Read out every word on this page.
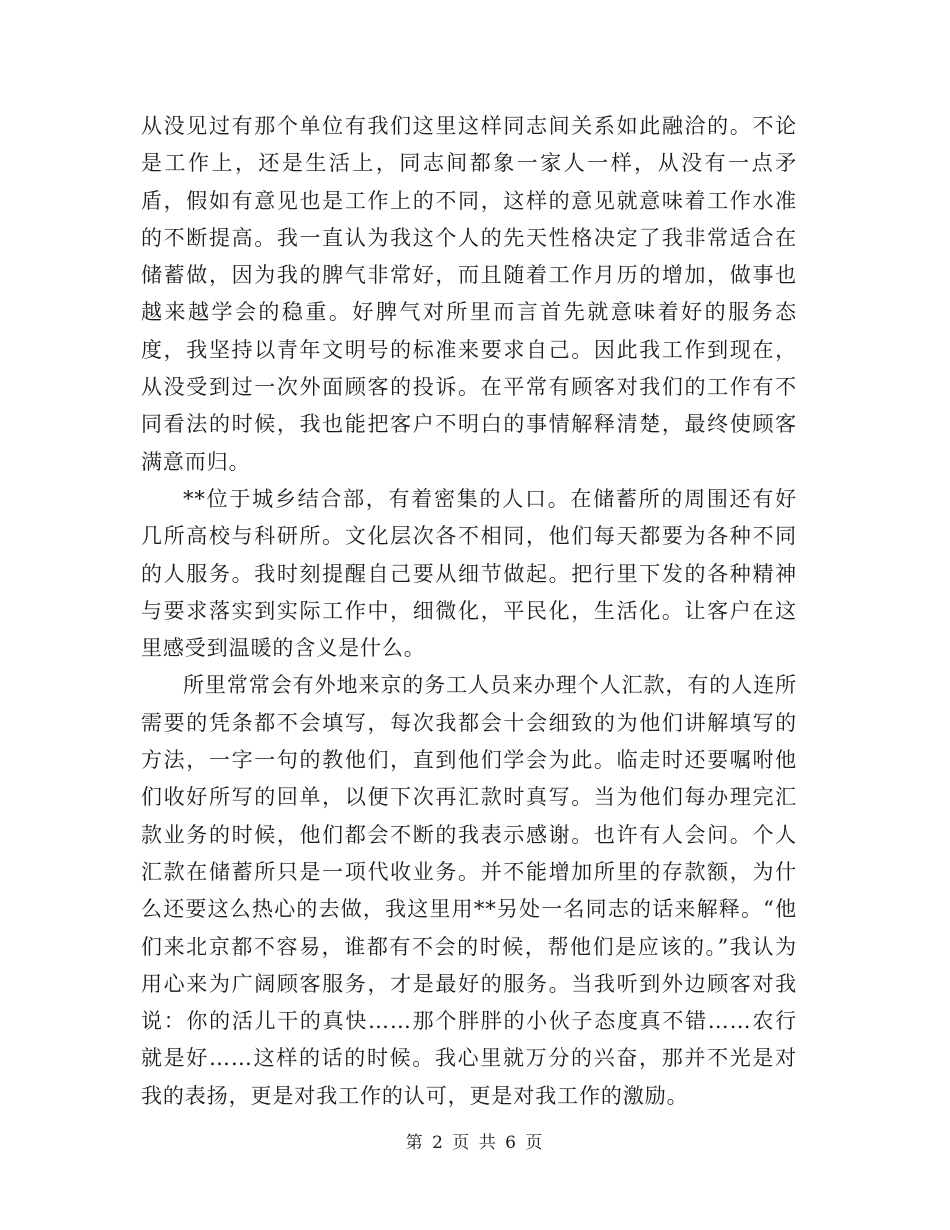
从没见过有那个单位有我们这里这样同志间关系如此融洽的。不论是工作上，还是生活上，同志间都象一家人一样，从没有一点矛盾，假如有意见也是工作上的不同，这样的意见就意味着工作水准的不断提高。我一直认为我这个人的先天性格决定了我非常适合在储蓄做，因为我的脾气非常好，而且随着工作月历的增加，做事也越来越学会的稳重。好脾气对所里而言首先就意味着好的服务态度，我坚持以青年文明号的标准来要求自己。因此我工作到现在，从没受到过一次外面顾客的投诉。在平常有顾客对我们的工作有不同看法的时候，我也能把客户不明白的事情解释清楚，最终使顾客满意而归。

**位于城乡结合部，有着密集的人口。在储蓄所的周围还有好几所高校与科研所。文化层次各不相同，他们每天都要为各种不同的人服务。我时刻提醒自己要从细节做起。把行里下发的各种精神与要求落实到实际工作中，细微化，平民化，生活化。让客户在这里感受到温暖的含义是什么。

所里常常会有外地来京的务工人员来办理个人汇款，有的人连所需要的凭条都不会填写，每次我都会十会细致的为他们讲解填写的方法，一字一句的教他们，直到他们学会为此。临走时还要嘱咐他们收好所写的回单，以便下次再汇款时真写。当为他们每办理完汇款业务的时候，他们都会不断的我表示感谢。也许有人会问。个人汇款在储蓄所只是一项代收业务。并不能增加所里的存款额，为什么还要这么热心的去做，我这里用**另处一名同志的话来解释。“他们来北京都不容易，谁都有不会的时候，帮他们是应该的。”我认为用心来为广阔顾客服务，才是最好的服务。当我听到外边顾客对我说：你的活儿干的真快……那个胖胖的小伙子态度真不错……农行就是好……这样的话的时候。我心里就万分的兴奋，那并不光是对我的表扬，更是对我工作的认可，更是对我工作的激励。

第 2 页 共 6 页
